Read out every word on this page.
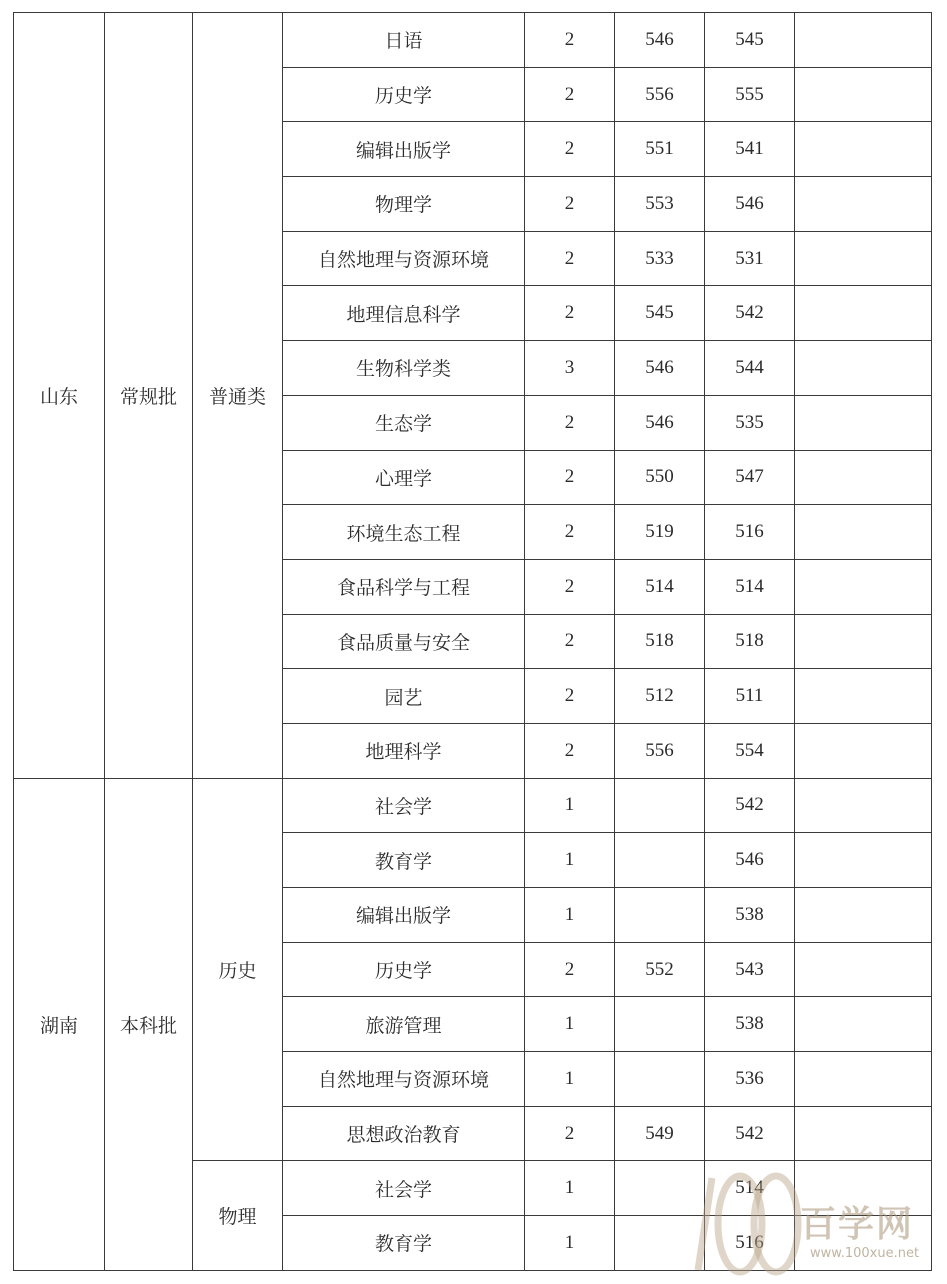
山东	常规批	普通类	日语	2	546	545	
			历史学	2	556	555	
			编辑出版学	2	551	541	
			物理学	2	553	546	
			自然地理与资源环境	2	533	531	
			地理信息科学	2	545	542	
			生物科学类	3	546	544	
			生态学	2	546	535	
			心理学	2	550	547	
			环境生态工程	2	519	516	
			食品科学与工程	2	514	514	
			食品质量与安全	2	518	518	
			园艺	2	512	511	
			地理科学	2	556	554	
湖南	本科批	历史	社会学	1		542	
			教育学	1		546	
			编辑出版学	1		538	
			历史学	2	552	543	
			旅游管理	1		538	
			自然地理与资源环境	1		536	
			思想政治教育	2	549	542	
		物理	社会学	1		514	
			教育学	1		516	百学网
www.100xue.net
